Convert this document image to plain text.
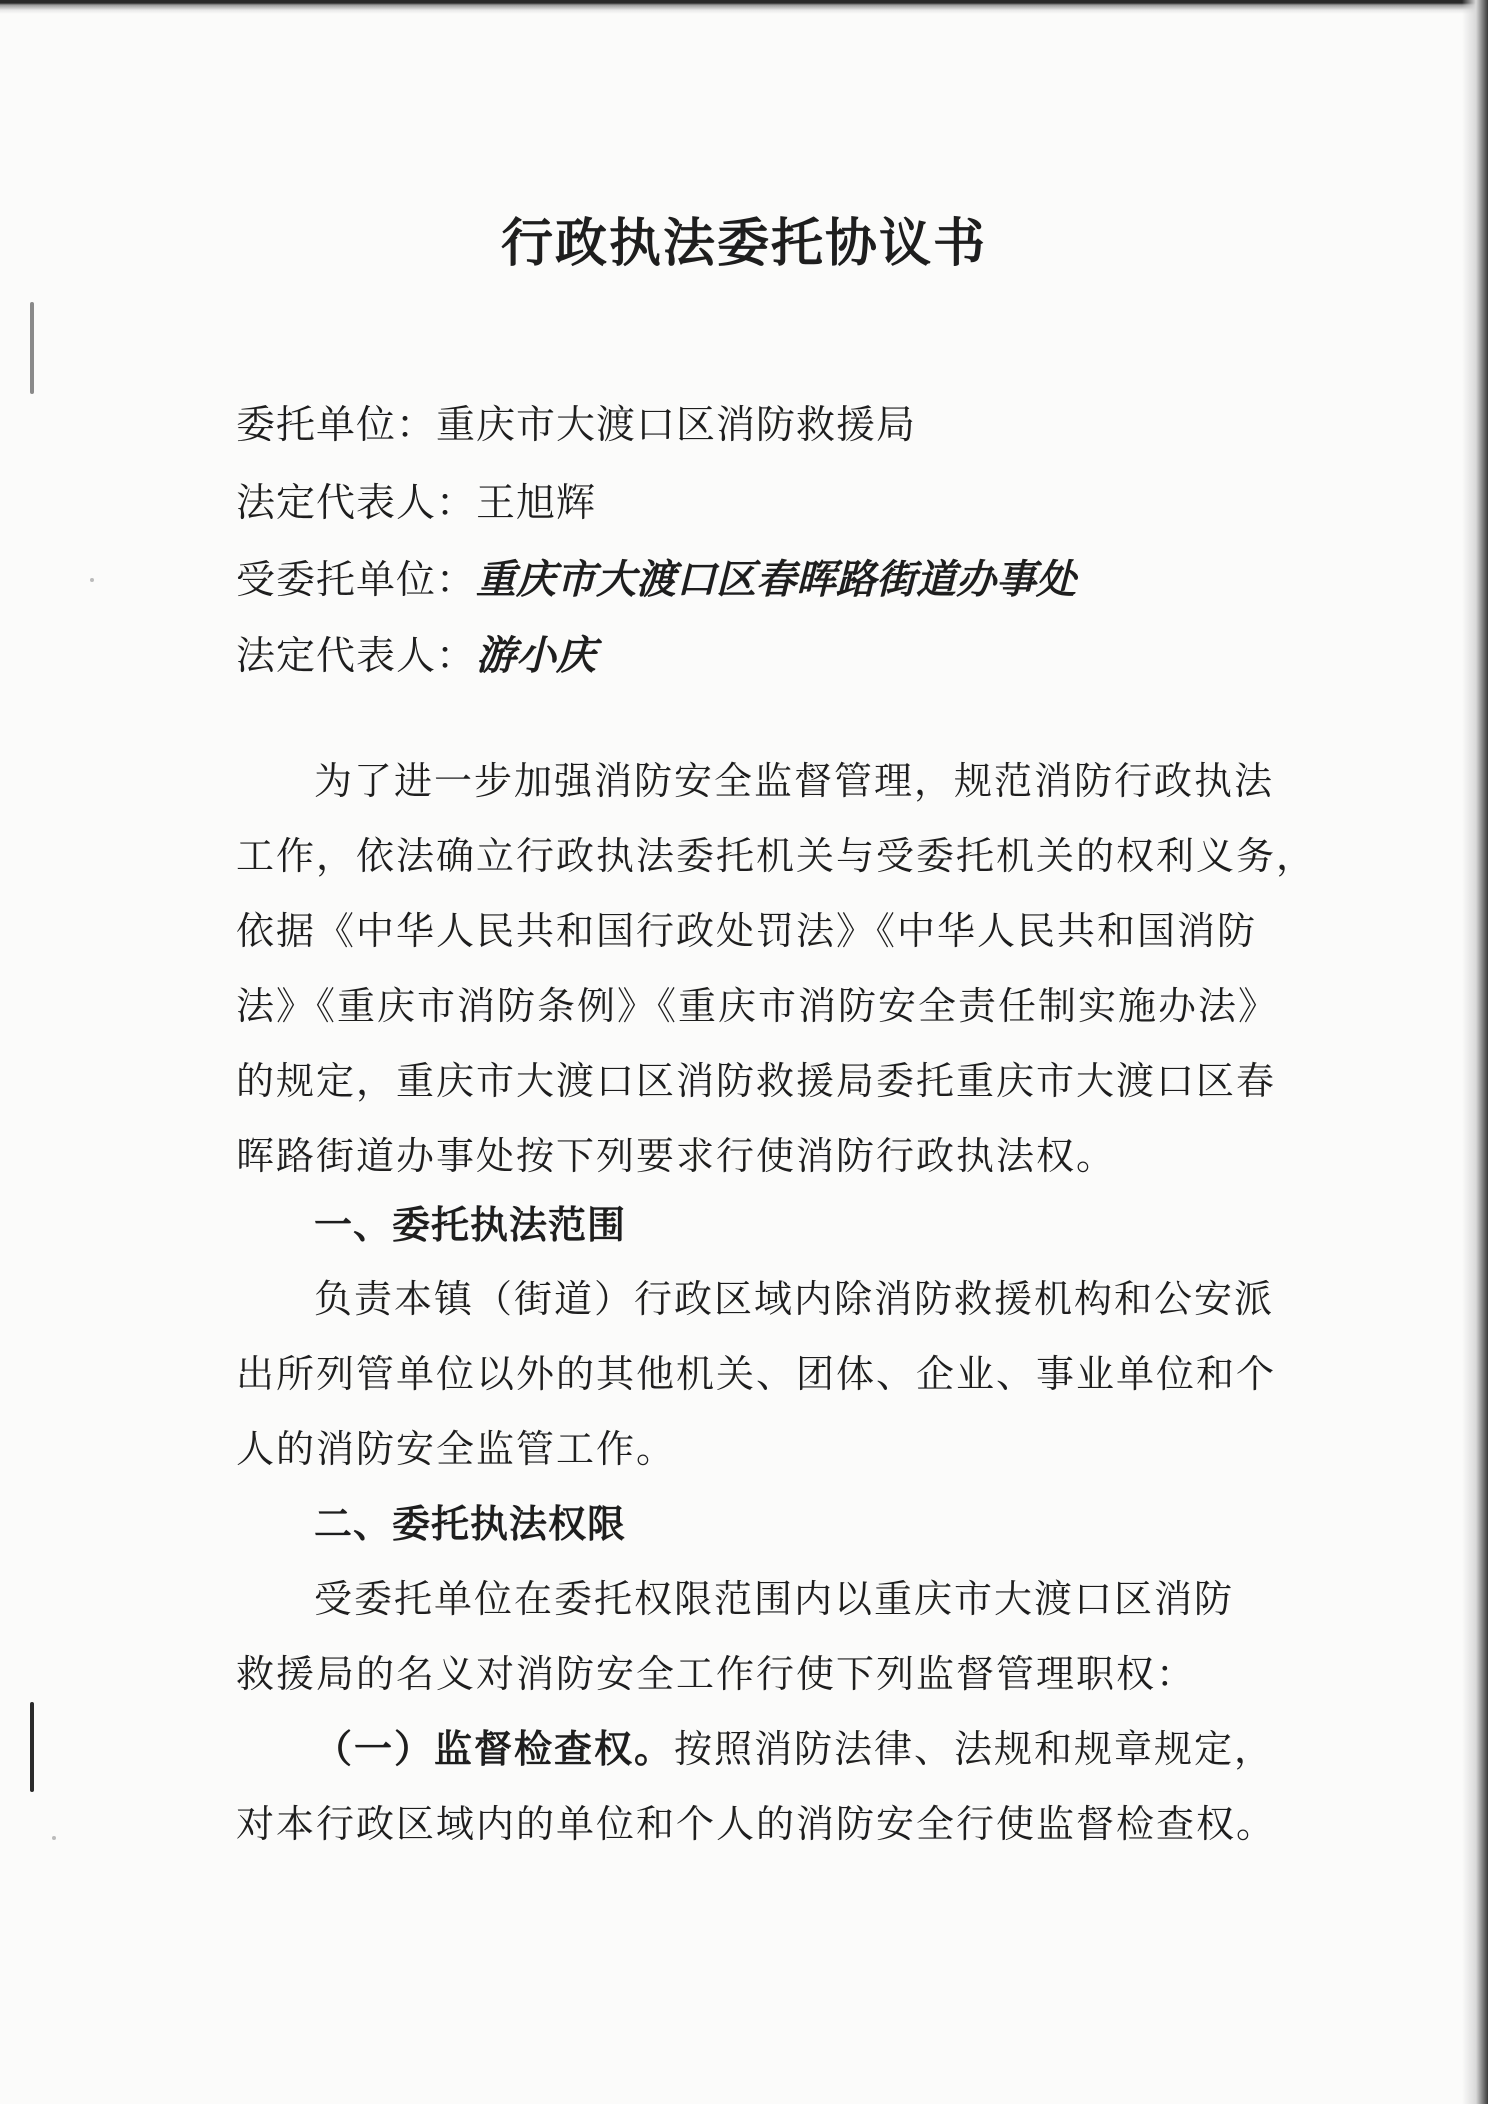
行政执法委托协议书
委托单位：重庆市大渡口区消防救援局
法定代表人：王旭辉
受委托单位：重庆市大渡口区春晖路街道办事处
法定代表人：游小庆
为了进一步加强消防安全监督管理，规范消防行政执法
工作，依法确立行政执法委托机关与受委托机关的权利义务，
依据《中华人民共和国行政处罚法》《中华人民共和国消防
法》《重庆市消防条例》《重庆市消防安全责任制实施办法》
的规定，重庆市大渡口区消防救援局委托重庆市大渡口区春
晖路街道办事处按下列要求行使消防行政执法权。
一、委托执法范围
负责本镇（街道）行政区域内除消防救援机构和公安派
出所列管单位以外的其他机关、团体、企业、事业单位和个
人的消防安全监管工作。
二、委托执法权限
受委托单位在委托权限范围内以重庆市大渡口区消防
救援局的名义对消防安全工作行使下列监督管理职权：
（一）监督检查权。按照消防法律、法规和规章规定，
对本行政区域内的单位和个人的消防安全行使监督检查权。
